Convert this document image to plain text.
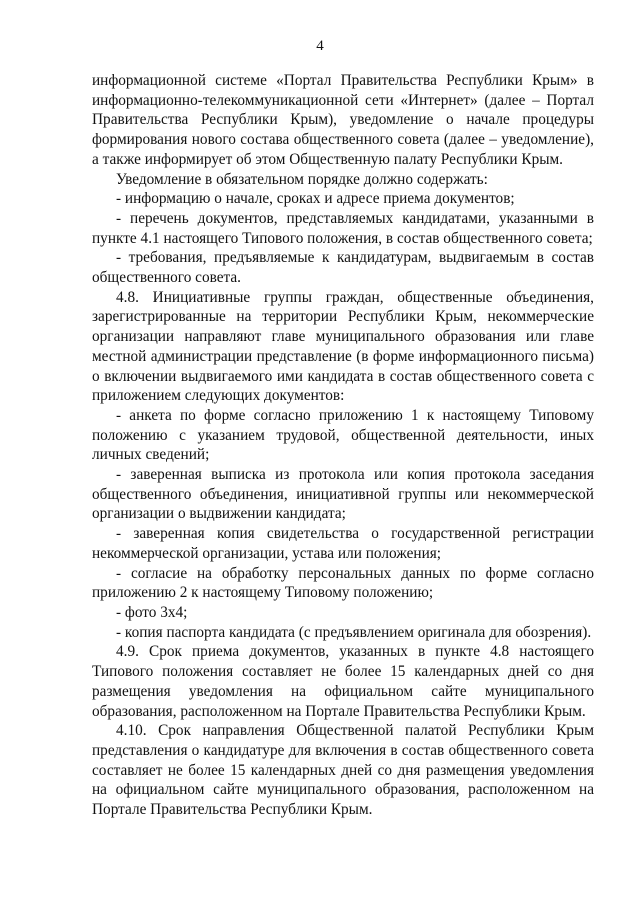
4

информационной системе «Портал Правительства Республики Крым» в информационно-телекоммуникационной сети «Интернет» (далее – Портал Правительства Республики Крым), уведомление о начале процедуры формирования нового состава общественного совета (далее – уведомление), а также информирует об этом Общественную палату Республики Крым.

Уведомление в обязательном порядке должно содержать:

- информацию о начале, сроках и адресе приема документов;

- перечень документов, представляемых кандидатами, указанными в пункте 4.1 настоящего Типового положения, в состав общественного совета;

- требования, предъявляемые к кандидатурам, выдвигаемым в состав общественного совета.

4.8. Инициативные группы граждан, общественные объединения, зарегистрированные на территории Республики Крым, некоммерческие организации направляют главе муниципального образования или главе местной администрации представление (в форме информационного письма) о включении выдвигаемого ими кандидата в состав общественного совета с приложением следующих документов:

- анкета по форме согласно приложению 1 к настоящему Типовому положению с указанием трудовой, общественной деятельности, иных личных сведений;

- заверенная выписка из протокола или копия протокола заседания общественного объединения, инициативной группы или некоммерческой организации о выдвижении кандидата;

- заверенная копия свидетельства о государственной регистрации некоммерческой организации, устава или положения;

- согласие на обработку персональных данных по форме согласно приложению 2 к настоящему Типовому положению;

- фото 3х4;

- копия паспорта кандидата (с предъявлением оригинала для обозрения).

4.9. Срок приема документов, указанных в пункте 4.8 настоящего Типового положения составляет не более 15 календарных дней со дня размещения уведомления на официальном сайте муниципального образования, расположенном на Портале Правительства Республики Крым.

4.10. Срок направления Общественной палатой Республики Крым представления о кандидатуре для включения в состав общественного совета составляет не более 15 календарных дней со дня размещения уведомления на официальном сайте муниципального образования, расположенном на Портале Правительства Республики Крым.
